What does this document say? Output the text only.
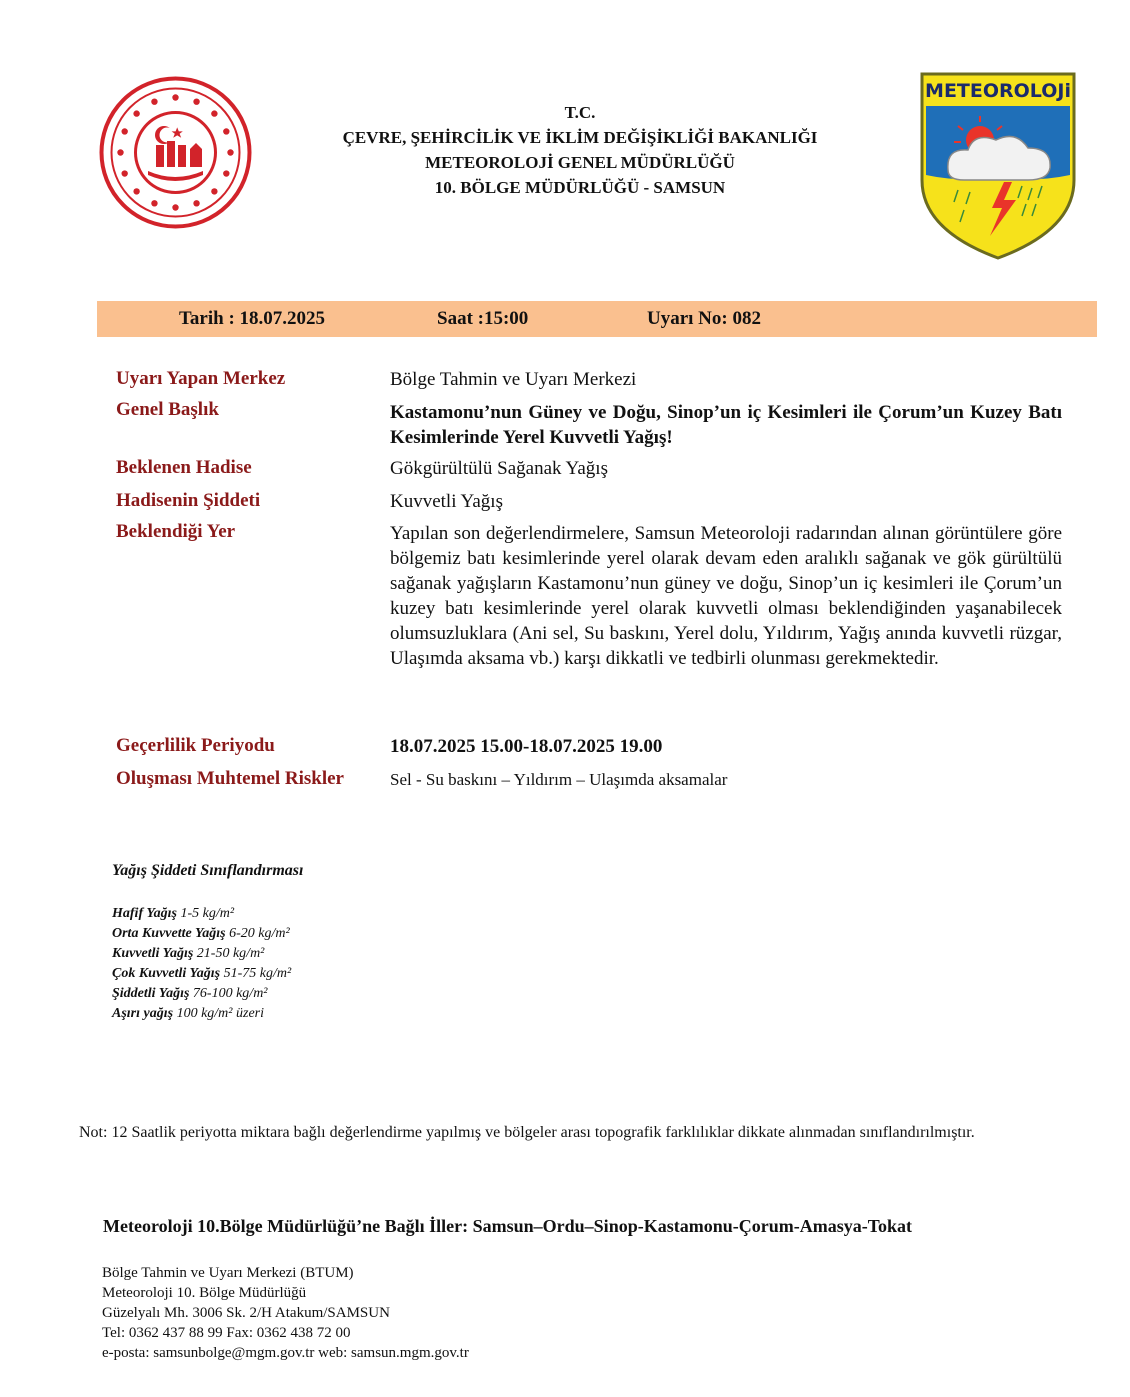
T.C.
ÇEVRE, ŞEHİRCİLİK VE İKLİM DEĞİŞİKLİĞİ BAKANLIĞI
METEOROLOJİ GENEL MÜDÜRLÜĞÜ
10. BÖLGE MÜDÜRLÜĞÜ - SAMSUN
METEOROLOJi
Tarih : 18.07.2025	Saat :15:00	Uyarı No: 082
Uyarı Yapan Merkez	Bölge Tahmin ve Uyarı Merkezi
Genel Başlık	Kastamonu’nun Güney ve Doğu, Sinop’un iç Kesimleri ile Çorum’un Kuzey Batı Kesimlerinde Yerel Kuvvetli Yağış!
Beklenen Hadise	Gökgürültülü Sağanak Yağış
Hadisenin Şiddeti	Kuvvetli Yağış
Beklendiği Yer	Yapılan son değerlendirmelere, Samsun Meteoroloji radarından alınan görüntülere göre bölgemiz batı kesimlerinde yerel olarak devam eden aralıklı sağanak ve gök gürültülü sağanak yağışların Kastamonu’nun güney ve doğu, Sinop’un iç kesimleri ile Çorum’un kuzey batı kesimlerinde yerel olarak kuvvetli olması beklendiğinden yaşanabilecek olumsuzluklara (Ani sel, Su baskını, Yerel dolu, Yıldırım, Yağış anında kuvvetli rüzgar, Ulaşımda aksama vb.) karşı dikkatli ve tedbirli olunması gerekmektedir.
Geçerlilik Periyodu	18.07.2025 15.00-18.07.2025 19.00
Oluşması Muhtemel Riskler	Sel - Su baskını – Yıldırım – Ulaşımda aksamalar
Yağış Şiddeti Sınıflandırması
Hafif Yağış 1-5 kg/m²
Orta Kuvvette Yağış 6-20 kg/m²
Kuvvetli Yağış 21-50 kg/m²
Çok Kuvvetli Yağış 51-75 kg/m²
Şiddetli Yağış 76-100 kg/m²
Aşırı yağış 100 kg/m² üzeri
Not: 12 Saatlik periyotta miktara bağlı değerlendirme yapılmış ve bölgeler arası topografik farklılıklar dikkate alınmadan sınıflandırılmıştır.
Meteoroloji 10.Bölge Müdürlüğü’ne Bağlı İller: Samsun–Ordu–Sinop-Kastamonu-Çorum-Amasya-Tokat
Bölge Tahmin ve Uyarı Merkezi (BTUM)
Meteoroloji 10. Bölge Müdürlüğü
Güzelyalı Mh. 3006 Sk. 2/H Atakum/SAMSUN
Tel: 0362 437 88 99 Fax: 0362 438 72 00
e-posta: samsunbolge@mgm.gov.tr web: samsun.mgm.gov.tr
